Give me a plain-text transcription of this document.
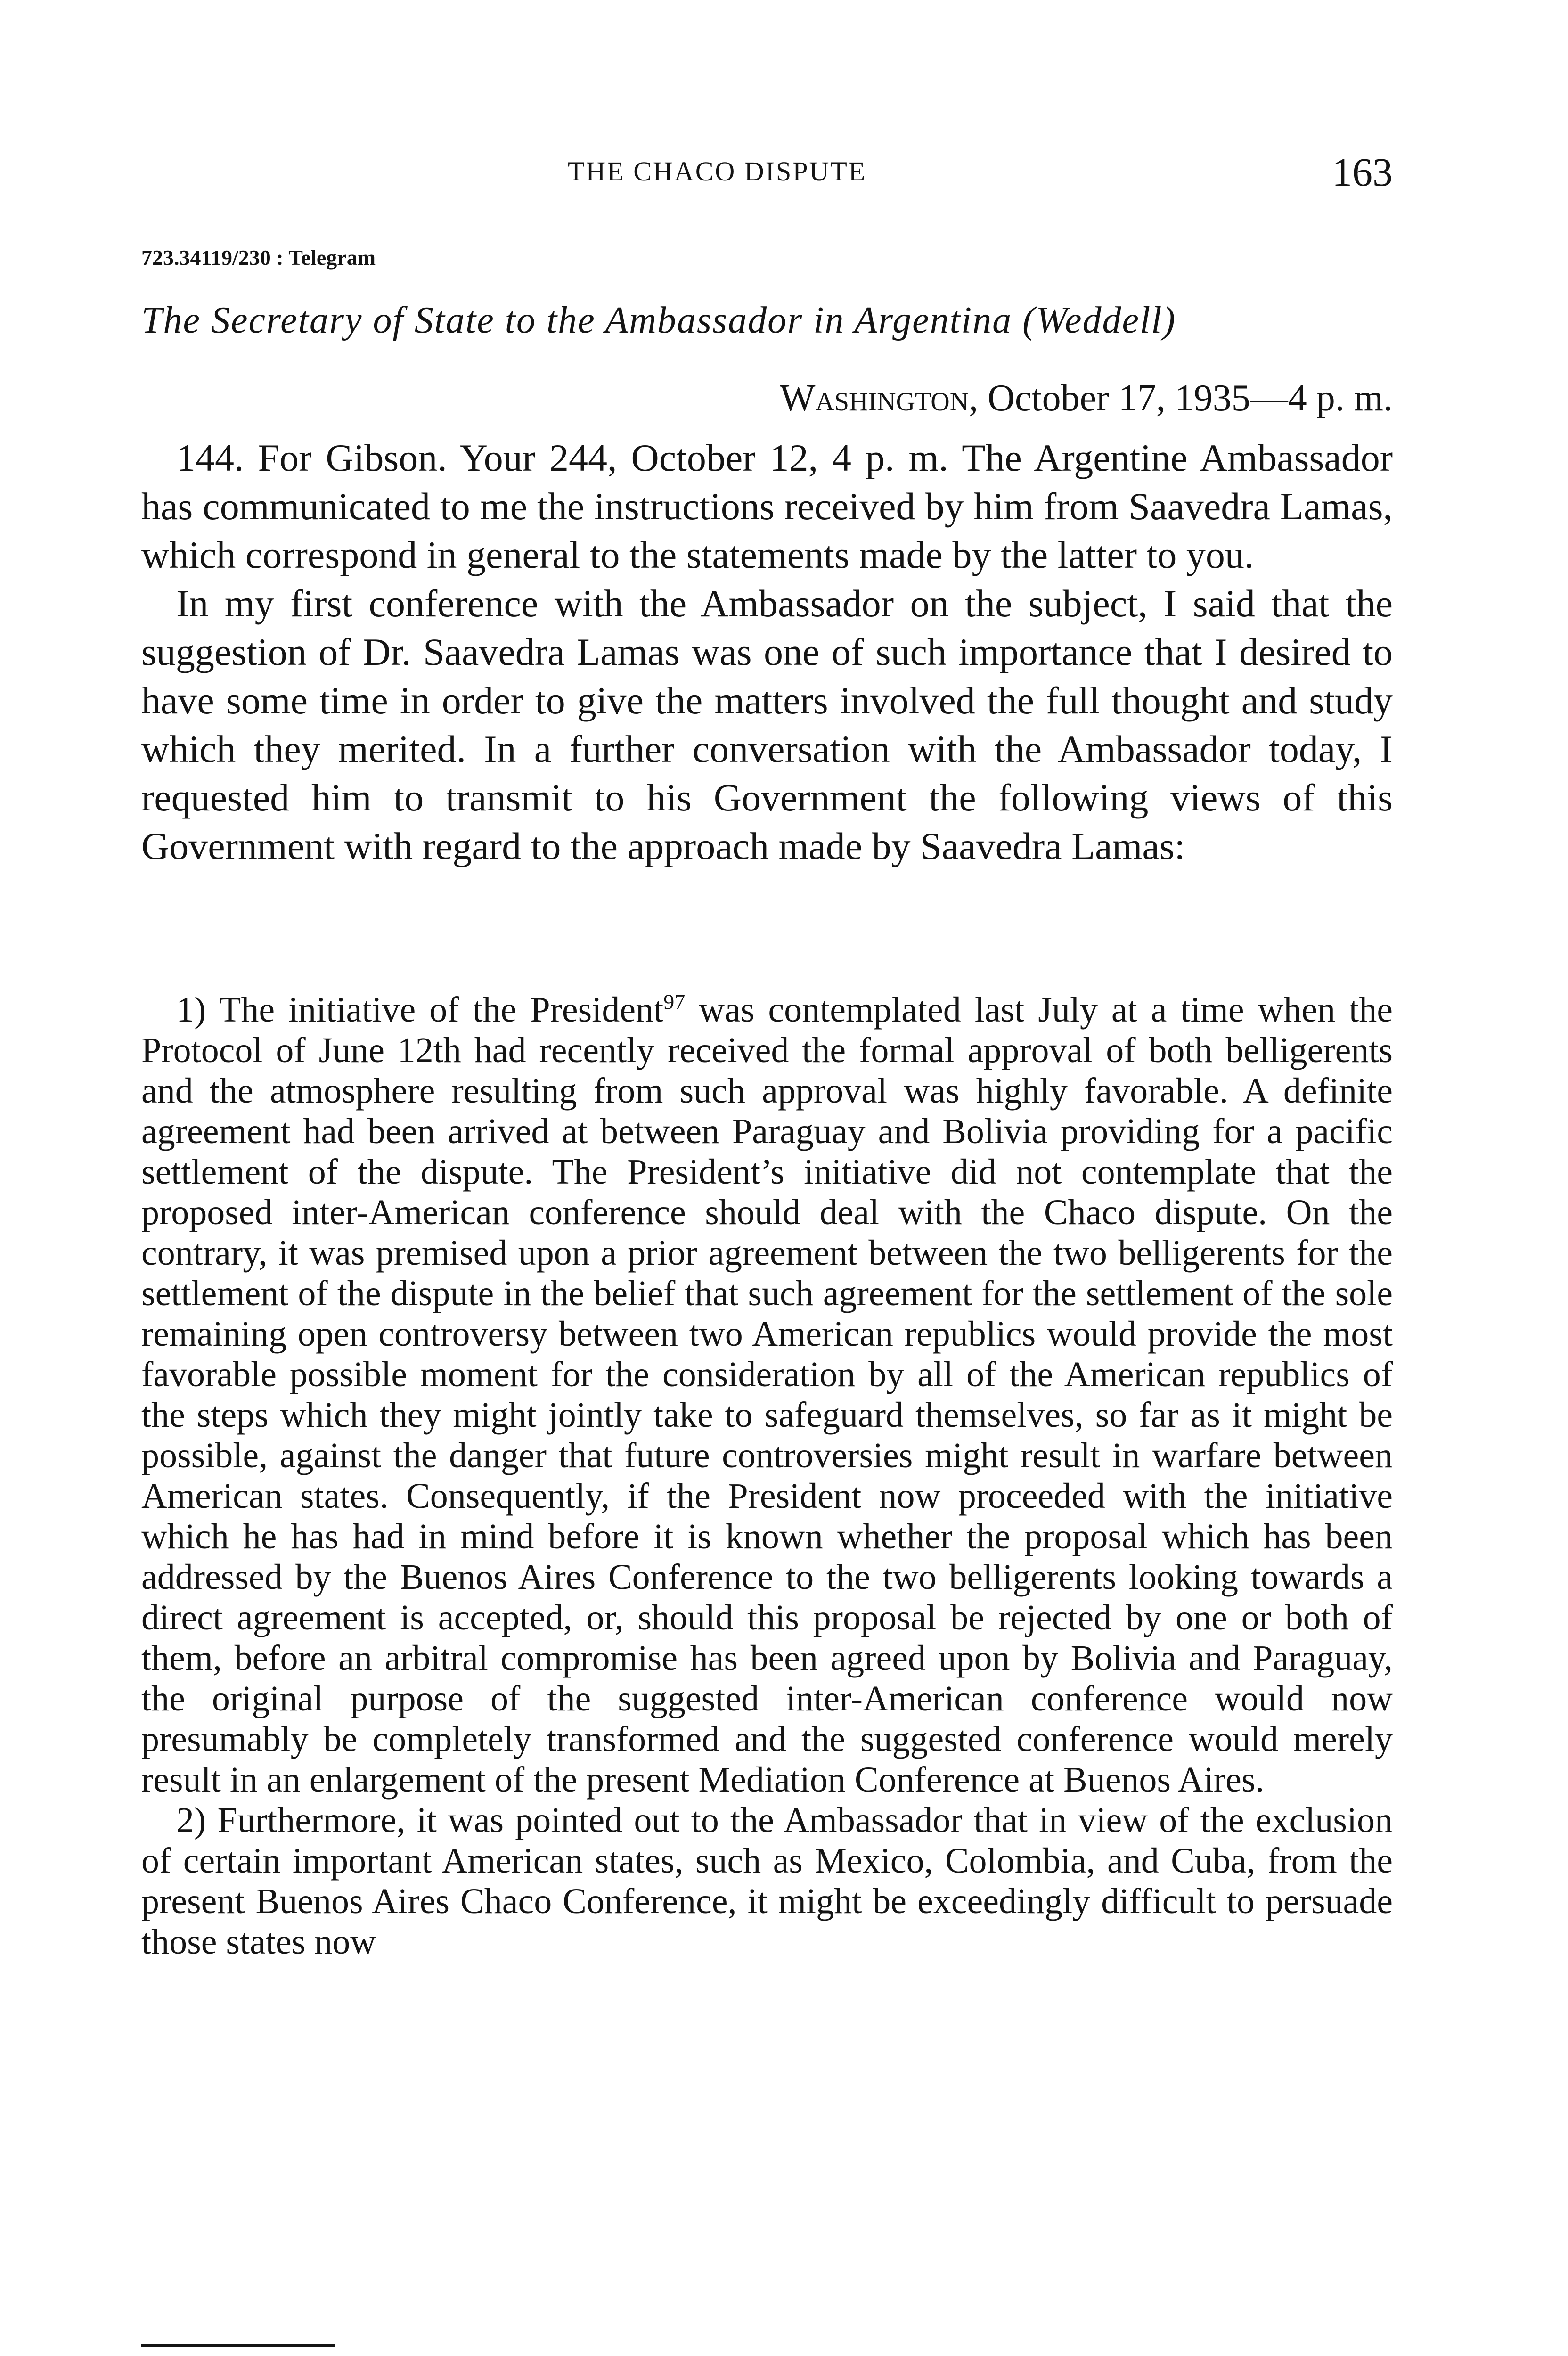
THE CHACO DISPUTE	163
723.34119/230 : Telegram
The Secretary of State to the Ambassador in Argentina (Weddell)
Washington, October 17, 1935—4 p. m.

144. For Gibson. Your 244, October 12, 4 p. m. The Argentine Ambassador has communicated to me the instructions received by him from Saavedra Lamas, which correspond in general to the statements made by the latter to you.

In my first conference with the Ambassador on the subject, I said that the suggestion of Dr. Saavedra Lamas was one of such importance that I desired to have some time in order to give the matters involved the full thought and study which they merited. In a further conversation with the Ambassador today, I requested him to transmit to his Government the following views of this Government with regard to the approach made by Saavedra Lamas:

1) The initiative of the President$^{97}$ was contemplated last July at a time when the Protocol of June 12th had recently received the formal approval of both belligerents and the atmosphere resulting from such approval was highly favorable. A definite agreement had been arrived at between Paraguay and Bolivia providing for a pacific settlement of the dispute. The President’s initiative did not contemplate that the proposed inter-American conference should deal with the Chaco dispute. On the contrary, it was premised upon a prior agreement between the two belligerents for the settlement of the dispute in the belief that such agreement for the settlement of the sole remaining open controversy between two American republics would provide the most favorable possible moment for the consideration by all of the American republics of the steps which they might jointly take to safeguard themselves, so far as it might be possible, against the danger that future controversies might result in warfare between American states. Consequently, if the President now proceeded with the initiative which he has had in mind before it is known whether the proposal which has been addressed by the Buenos Aires Conference to the two belligerents looking towards a direct agreement is accepted, or, should this proposal be rejected by one or both of them, before an arbitral compromise has been agreed upon by Bolivia and Paraguay, the original purpose of the suggested inter-American conference would now presumably be completely transformed and the suggested conference would merely result in an enlargement of the present Mediation Conference at Buenos Aires.

2) Furthermore, it was pointed out to the Ambassador that in view of the exclusion of certain important American states, such as Mexico, Colombia, and Cuba, from the present Buenos Aires Chaco Conference, it might be exceedingly difficult to persuade those states now
